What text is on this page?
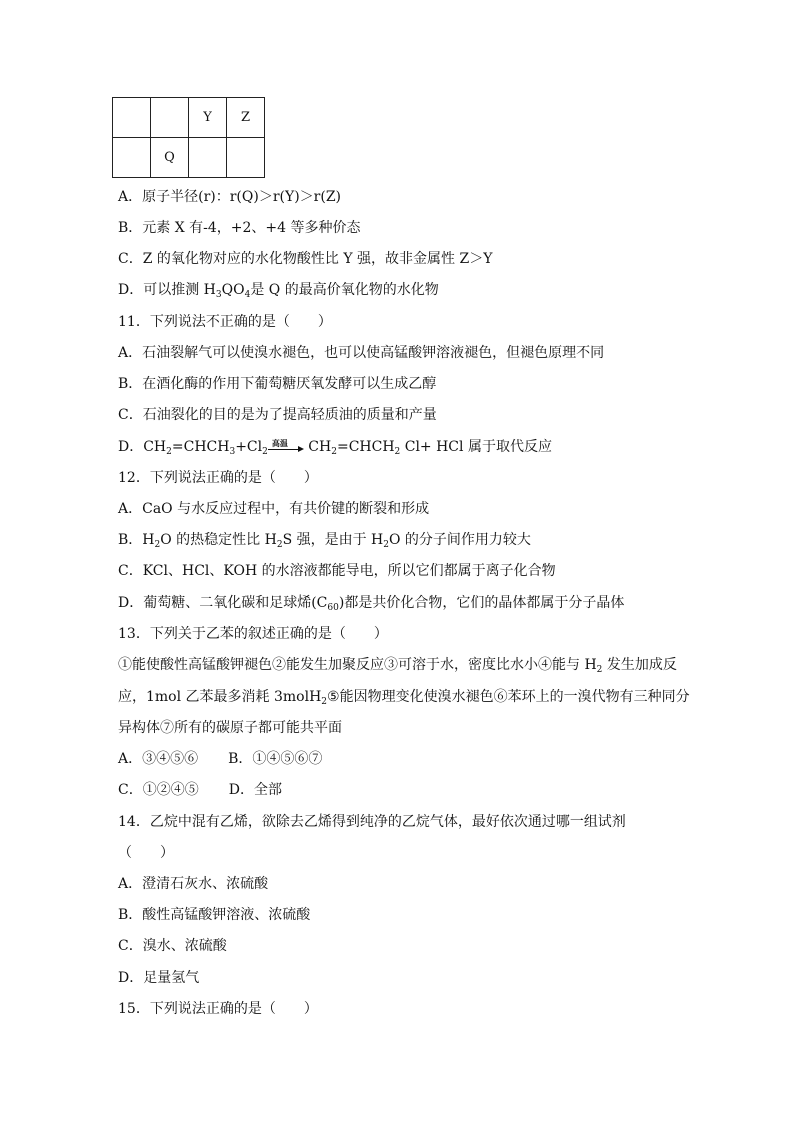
		Y	Z
	Q		
A．原子半径(r)：r(Q)＞r(Y)＞r(Z)
B．元素 X 有-4，+2、+4 等多种价态
C．Z 的氧化物对应的水化物酸性比 Y 强，故非金属性 Z＞Y
D．可以推测 $H_3QO_4$是 Q 的最高价氧化物的水化物
11．下列说法不正确的是（　　）
A．石油裂解气可以使溴水褪色，也可以使高锰酸钾溶液褪色，但褪色原理不同
B．在酒化酶的作用下葡萄糖厌氧发酵可以生成乙醇
C．石油裂化的目的是为了提高轻质油的质量和产量
D．$CH_2=CHCH_3+Cl_2$
高温 $CH_2=CHCH_2$ Cl+ HCl 属于取代反应
12．下列说法正确的是（　　）
A．CaO 与水反应过程中，有共价键的断裂和形成
B．$H_2O$ 的热稳定性比 $H_2S$ 强，是由于 $H_2O$ 的分子间作用力较大
C．KCl、HCl、KOH 的水溶液都能导电，所以它们都属于离子化合物
D．葡萄糖、二氧化碳和足球烯$(C_{60})$都是共价化合物，它们的晶体都属于分子晶体
13．下列关于乙苯的叙述正确的是（　　）
①能使酸性高锰酸钾褪色②能发生加聚反应③可溶于水，密度比水小④能与 $H_2$ 发生加成反
应，1mol 乙苯最多消耗 3molH$_2$⑤能因物理变化使溴水褪色⑥苯环上的一溴代物有三种同分
异构体⑦所有的碳原子都可能共平面
A．③④⑤⑥ B．①④⑤⑥⑦
C．①②④⑤ D．全部
14．乙烷中混有乙烯，欲除去乙烯得到纯净的乙烷气体，最好依次通过哪一组试剂
（　　）
A．澄清石灰水、浓硫酸
B．酸性高锰酸钾溶液、浓硫酸
C．溴水、浓硫酸
D．足量氢气
15．下列说法正确的是（　　）
